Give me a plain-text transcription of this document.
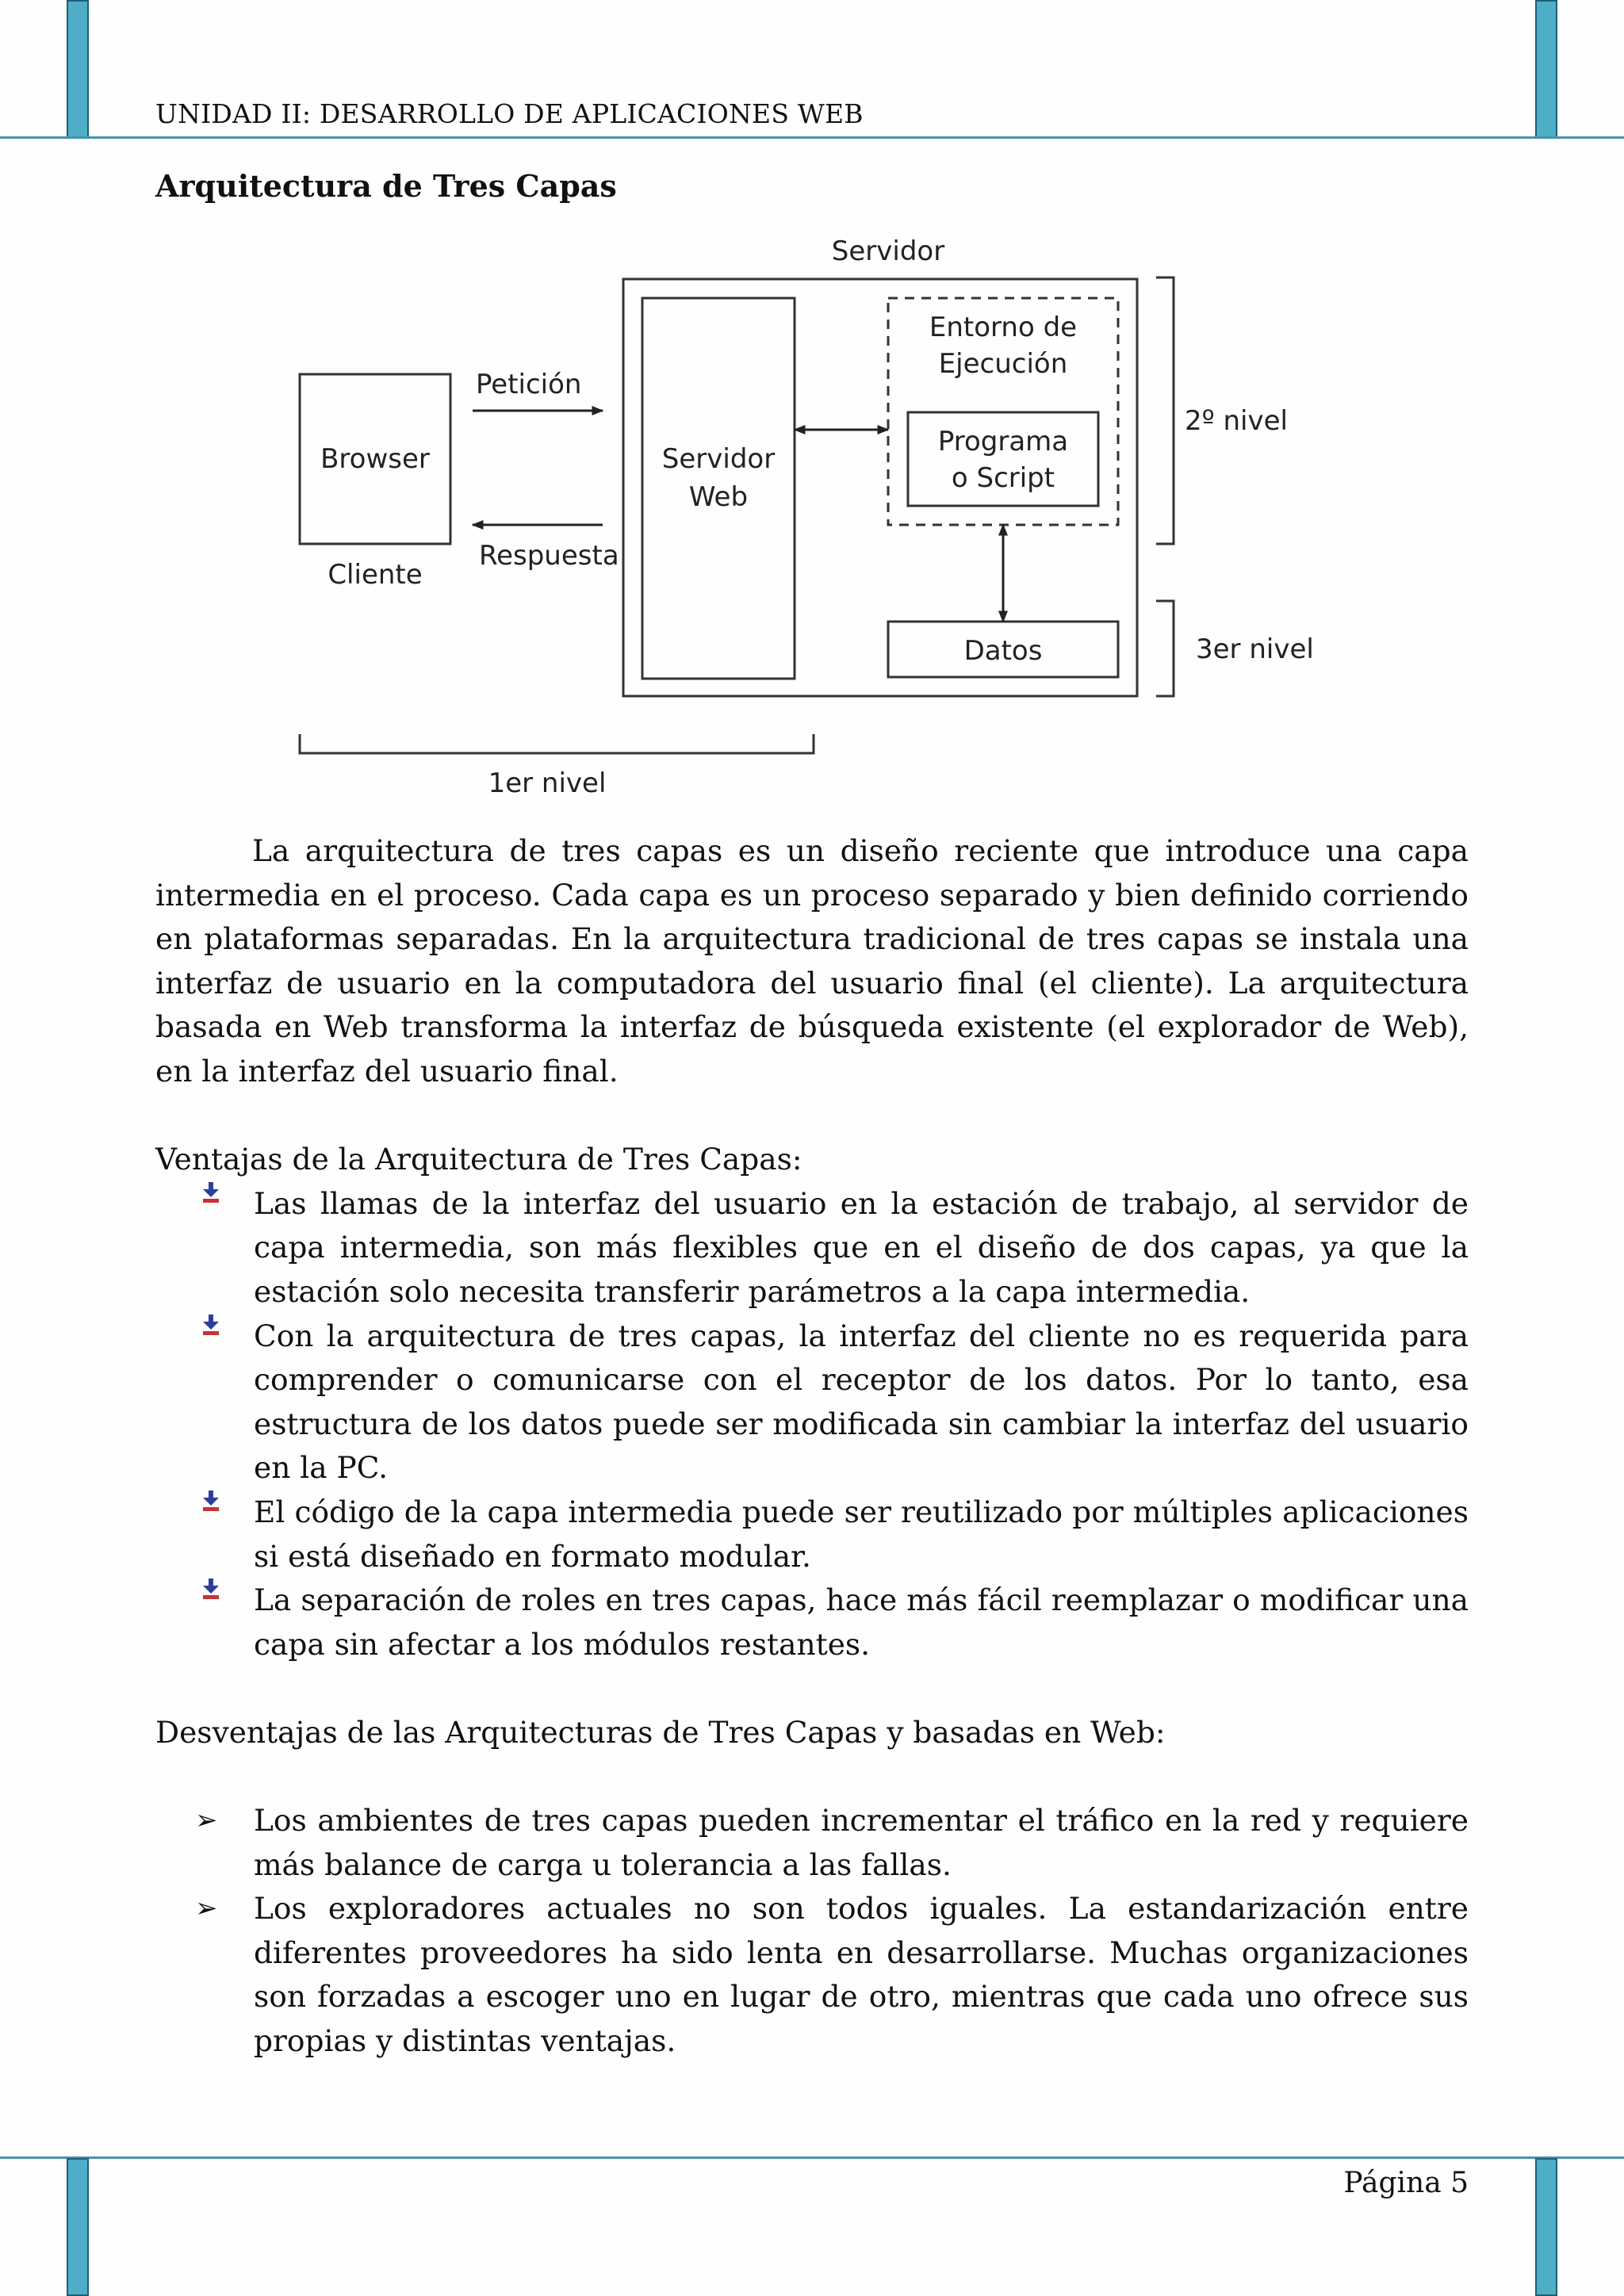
UNIDAD II: DESARROLLO DE APLICACIONES WEB
Arquitectura de Tres Capas
Servidor
Servidor
Web
Entorno de
Ejecución
Programa
o Script
Datos
Browser
Cliente
Petición
Respuesta
2º nivel
3er nivel
1er nivel

La arquitectura de tres capas es un diseño reciente que introduce una capa intermedia en el proceso. Cada capa es un proceso separado y bien definido corriendo en plataformas separadas. En la arquitectura tradicional de tres capas se instala una interfaz de usuario en la computadora del usuario final (el cliente). La arquitectura basada en Web transforma la interfaz de búsqueda existente (el explorador de Web), en la interfaz del usuario final.

Ventajas de la Arquitectura de Tres Capas:

Las llamas de la interfaz del usuario en la estación de trabajo, al servidor de capa intermedia, son más flexibles que en el diseño de dos capas, ya que la estación solo necesita transferir parámetros a la capa intermedia.
Con la arquitectura de tres capas, la interfaz del cliente no es requerida para comprender o comunicarse con el receptor de los datos. Por lo tanto, esa estructura de los datos puede ser modificada sin cambiar la interfaz del usuario en la PC.
El código de la capa intermedia puede ser reutilizado por múltiples aplicaciones si está diseñado en formato modular.
La separación de roles en tres capas, hace más fácil reemplazar o modificar una capa sin afectar a los módulos restantes.

Desventajas de las Arquitecturas de Tres Capas y basadas en Web:

➢ Los ambientes de tres capas pueden incrementar el tráfico en la red y requiere más balance de carga u tolerancia a las fallas.
➢ Los exploradores actuales no son todos iguales. La estandarización entre diferentes proveedores ha sido lenta en desarrollarse. Muchas organizaciones son forzadas a escoger uno en lugar de otro, mientras que cada uno ofrece sus propias y distintas ventajas.
Página 5
